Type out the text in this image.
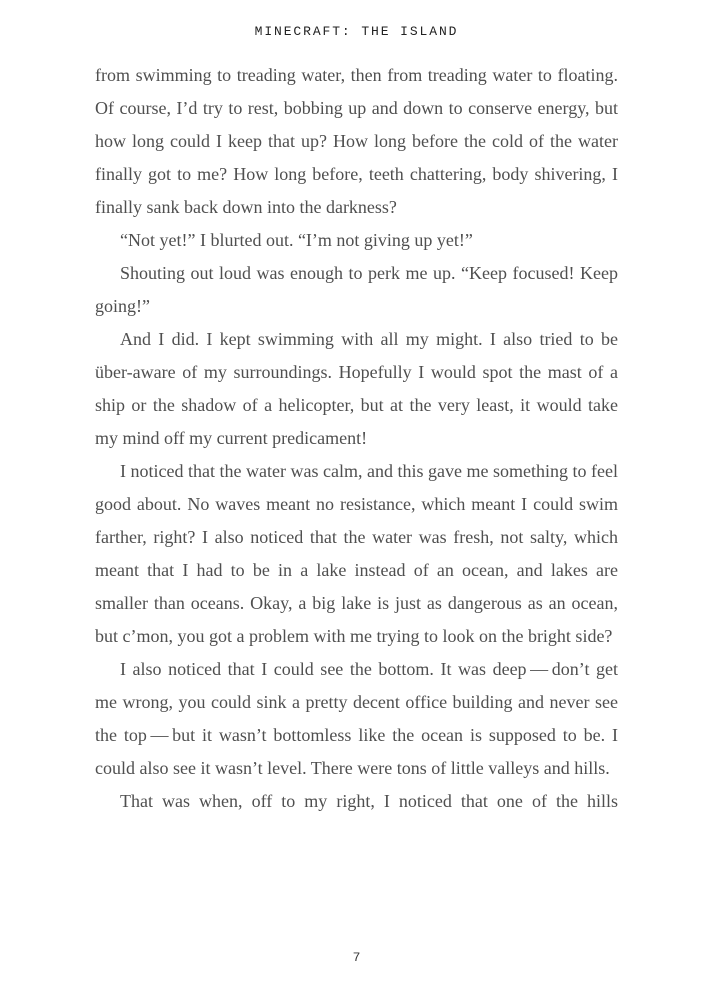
MINECRAFT: THE ISLAND

from swimming to treading water, then from treading water to floating. Of course, I’d try to rest, bobbing up and down to conserve energy, but how long could I keep that up? How long before the cold of the water finally got to me? How long before, teeth chattering, body shivering, I finally sank back down into the darkness?

“Not yet!” I blurted out. “I’m not giving up yet!”

Shouting out loud was enough to perk me up. “Keep focused! Keep going!”

And I did. I kept swimming with all my might. I also tried to be über-aware of my surroundings. Hopefully I would spot the mast of a ship or the shadow of a helicopter, but at the very least, it would take my mind off my current predicament!

I noticed that the water was calm, and this gave me something to feel good about. No waves meant no resistance, which meant I could swim farther, right? I also noticed that the water was fresh, not salty, which meant that I had to be in a lake instead of an ocean, and lakes are smaller than oceans. Okay, a big lake is just as dangerous as an ocean, but c’mon, you got a problem with me trying to look on the bright side?

I also noticed that I could see the bottom. It was deep — don’t get me wrong, you could sink a pretty decent office building and never see the top — but it wasn’t bottomless like the ocean is supposed to be. I could also see it wasn’t level. There were tons of little valleys and hills.

That was when, off to my right, I noticed that one of the hills

7
